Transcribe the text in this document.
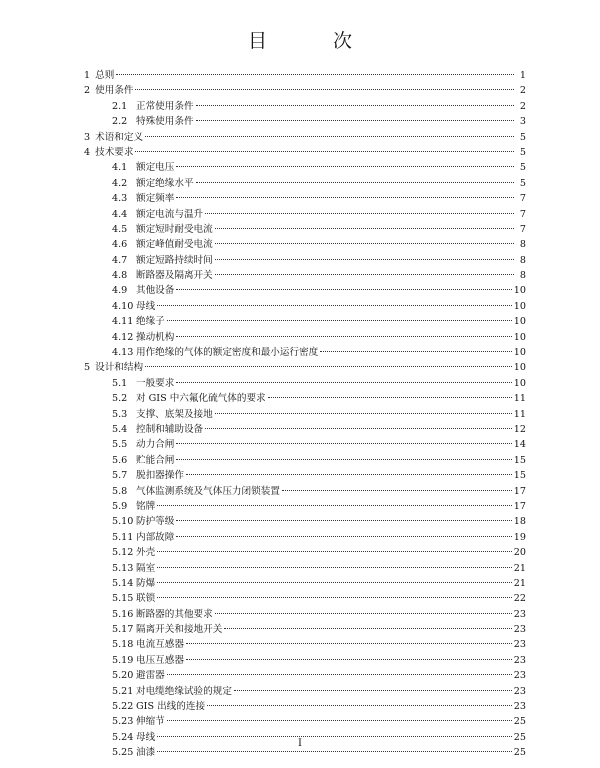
目 次
1 总则	1
2 使用条件	2
2.1 正常使用条件	2
2.2 特殊使用条件	3
3 术语和定义	5
4 技术要求	5
4.1 额定电压	5
4.2 额定绝缘水平	5
4.3 额定频率	7
4.4 额定电流与温升	7
4.5 额定短时耐受电流	7
4.6 额定峰值耐受电流	8
4.7 额定短路持续时间	8
4.8 断路器及隔离开关	8
4.9 其他设备	10
4.10 母线	10
4.11 绝缘子	10
4.12 操动机构	10
4.13 用作绝缘的气体的额定密度和最小运行密度	10
5 设计和结构	10
5.1 一般要求	10
5.2 对 GIS 中六氟化硫气体的要求	11
5.3 支撑、底架及接地	11
5.4 控制和辅助设备	12
5.5 动力合闸	14
5.6 贮能合闸	15
5.7 脱扣器操作	15
5.8 气体监测系统及气体压力闭锁装置	17
5.9 铭牌	17
5.10 防护等级	18
5.11 内部故障	19
5.12 外壳	20
5.13 隔室	21
5.14 防爆	21
5.15 联锁	22
5.16 断路器的其他要求	23
5.17 隔离开关和接地开关	23
5.18 电流互感器	23
5.19 电压互感器	23
5.20 避雷器	23
5.21 对电缆绝缘试验的规定	23
5.22 GIS 出线的连接	23
5.23 伸缩节	25
5.24 母线	25
5.25 油漆	25
I
